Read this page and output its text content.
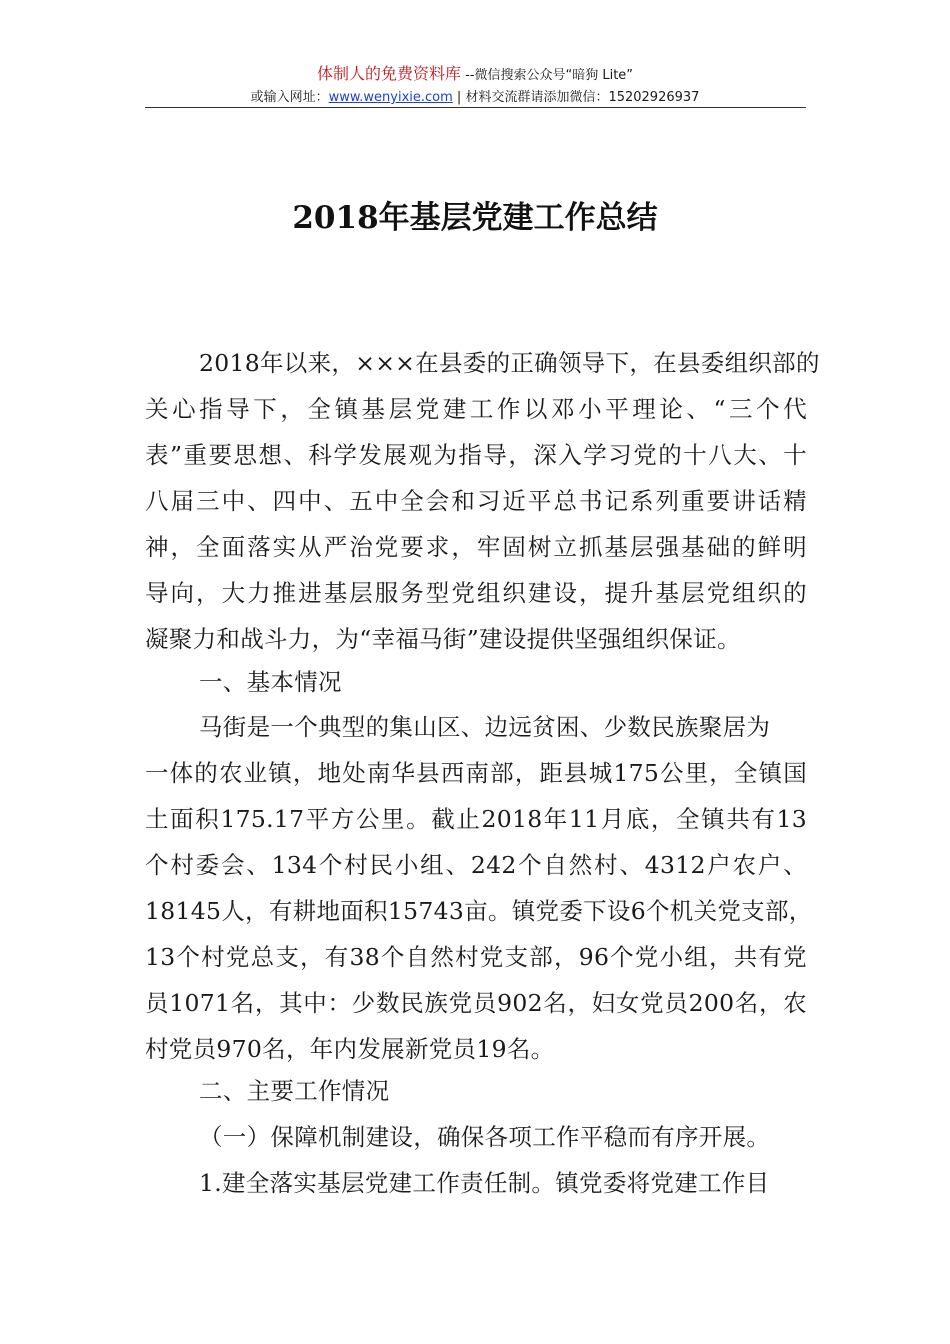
体制人的免费资料库 --微信搜索公众号“暗狗 Lite”
或输入网址：www.wenyixie.com | 材料交流群请添加微信：15202926937
2018年基层党建工作总结
2018年以来，×××在县委的正确领导下，在县委组织部的
关心指导下，全镇基层党建工作以邓小平理论、“三个代
表”重要思想、科学发展观为指导，深入学习党的十八大、十
八届三中、四中、五中全会和习近平总书记系列重要讲话精
神，全面落实从严治党要求，牢固树立抓基层强基础的鲜明
导向，大力推进基层服务型党组织建设，提升基层党组织的
凝聚力和战斗力，为“幸福马街”建设提供坚强组织保证。
一、基本情况
马街是一个典型的集山区、边远贫困、少数民族聚居为
一体的农业镇，地处南华县西南部，距县城175公里，全镇国
土面积175.17平方公里。截止2018年11月底，全镇共有13
个村委会、134个村民小组、242个自然村、4312户农户、
18145人，有耕地面积15743亩。镇党委下设6个机关党支部，
13个村党总支，有38个自然村党支部，96个党小组，共有党
员1071名，其中：少数民族党员902名，妇女党员200名，农
村党员970名，年内发展新党员19名。
二、主要工作情况
（一）保障机制建设，确保各项工作平稳而有序开展。
1.建全落实基层党建工作责任制。镇党委将党建工作目
